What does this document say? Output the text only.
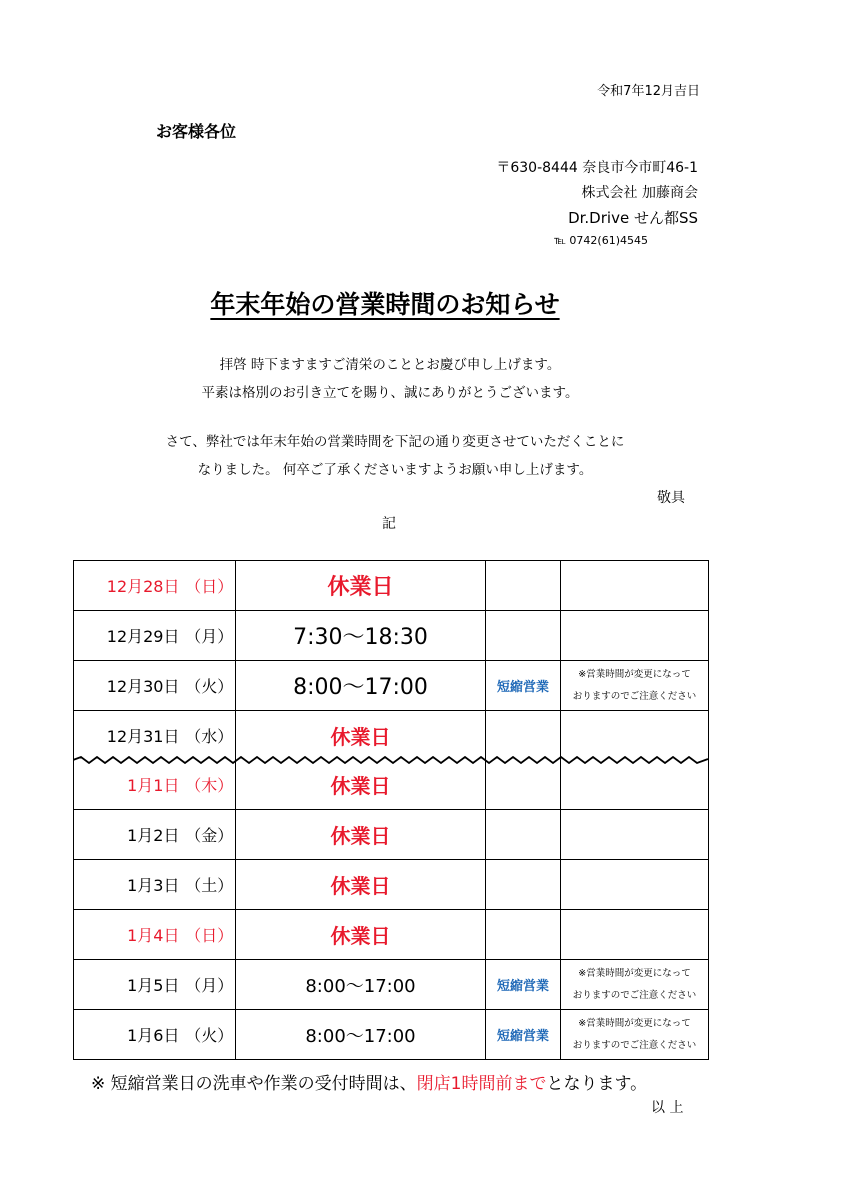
令和7年12月吉日
お客様各位
〒630-8444 奈良市今市町46-1
株式会社 加藤商会
Dr.Drive せん都SS
℡ 0742(61)4545
年末年始の営業時間のお知らせ
拝啓 時下ますますご清栄のこととお慶び申し上げます。
平素は格別のお引き立てを賜り、誠にありがとうございます。
さて、弊社では年末年始の営業時間を下記の通り変更させていただくことに
なりました。 何卒ご了承くださいますようお願い申し上げます。
敬具
記
12月28日	（日）	休業日		

12月29日	（月）	7:30～18:30		

12月30日	（火）	8:00～17:00	短縮営業	※営業時間が変更になって
おりますのでご注意ください

12月31日	（水）	休業日		

1月1日	（木）	休業日		

1月2日	（金）	休業日		

1月3日	（土）	休業日		

1月4日	（日）	休業日		

1月5日	（月）	8:00～17:00	短縮営業	※営業時間が変更になって
おりますのでご注意ください

1月6日	（火）	8:00～17:00	短縮営業	※営業時間が変更になって
おりますのでご注意ください
※ 短縮営業日の洗車や作業の受付時間は、閉店1時間前までとなります。
以 上
